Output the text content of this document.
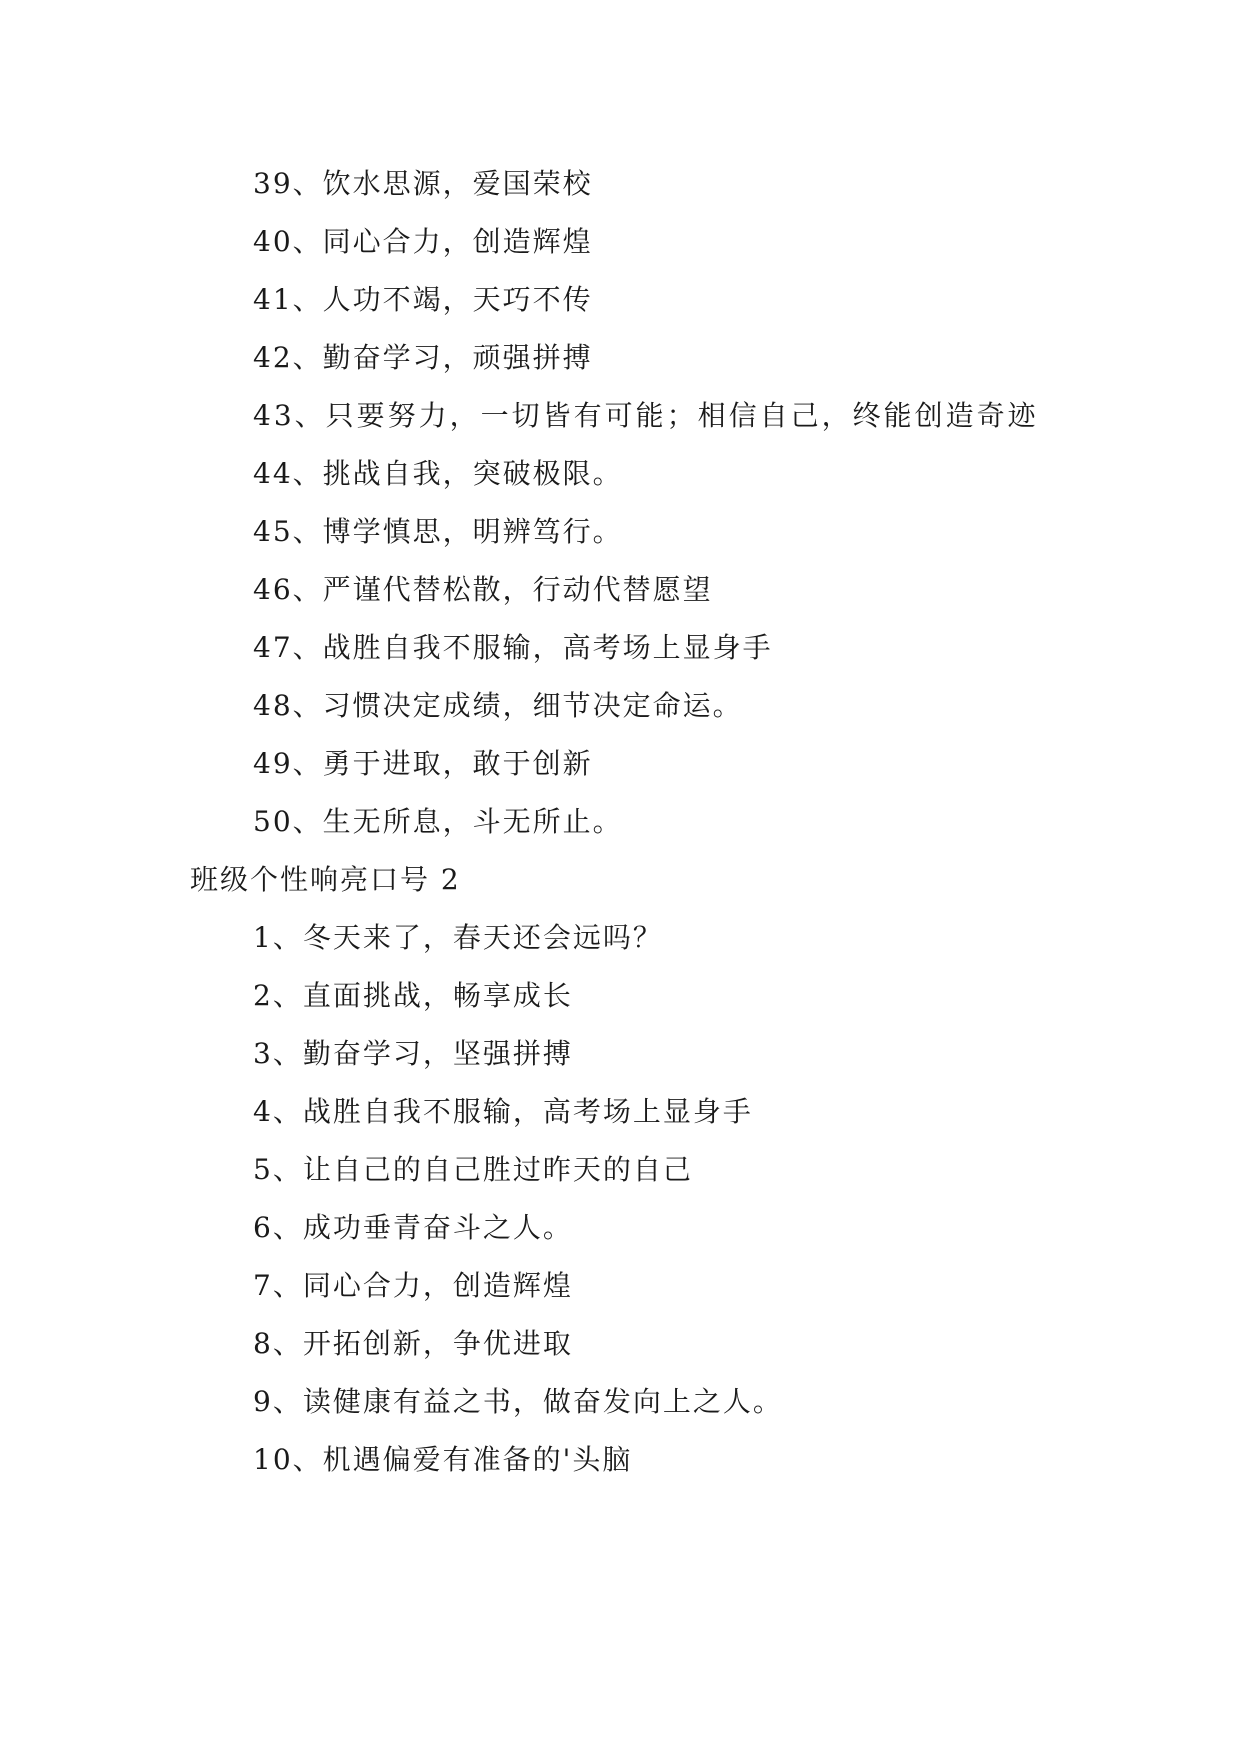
39、饮水思源，爱国荣校
40、同心合力，创造辉煌
41、人功不竭，天巧不传
42、勤奋学习，顽强拼搏
43、只要努力，一切皆有可能；相信自己，终能创造奇迹
44、挑战自我，突破极限。
45、博学慎思，明辨笃行。
46、严谨代替松散，行动代替愿望
47、战胜自我不服输，高考场上显身手
48、习惯决定成绩，细节决定命运。
49、勇于进取，敢于创新
50、生无所息，斗无所止。
班级个性响亮口号 2
1、冬天来了，春天还会远吗？
2、直面挑战，畅享成长
3、勤奋学习，坚强拼搏
4、战胜自我不服输，高考场上显身手
5、让自己的自己胜过昨天的自己
6、成功垂青奋斗之人。
7、同心合力，创造辉煌
8、开拓创新，争优进取
9、读健康有益之书，做奋发向上之人。
10、机遇偏爱有准备的'头脑
